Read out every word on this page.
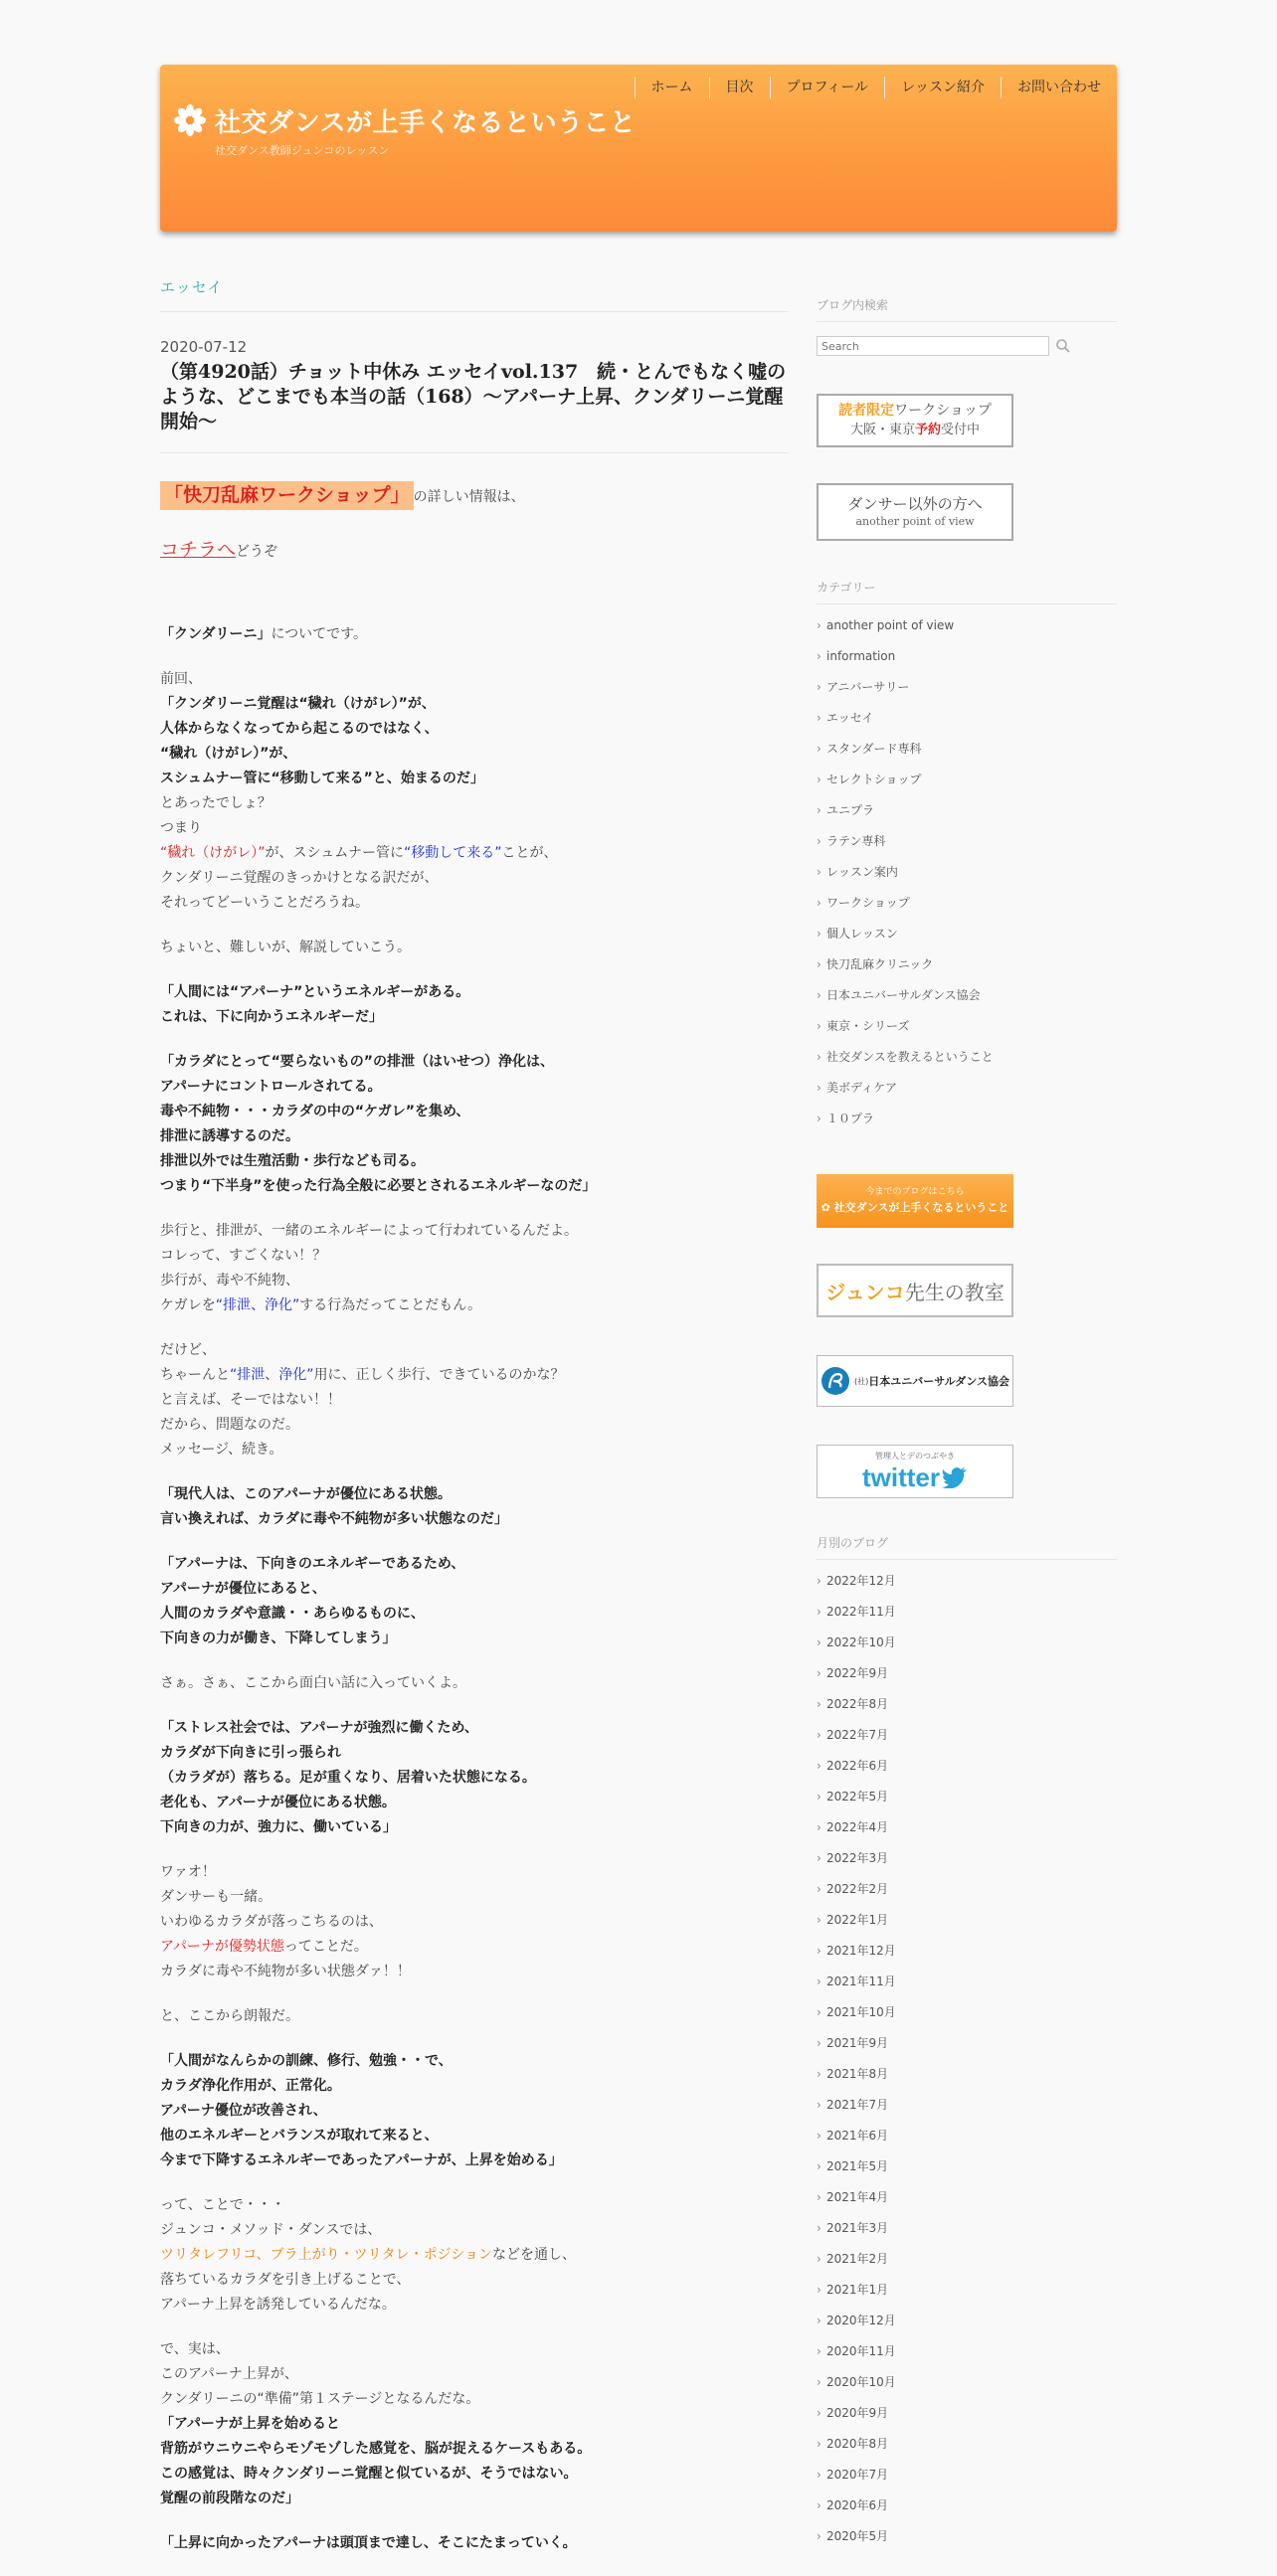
社交ダンスが上手くなるということ
社交ダンス教師ジュンコのレッスン
ホーム	目次	プロフィール	レッスン紹介	お問い合わせ
エッセイ
2020-07-12
（第4920話）チョット中休み エッセイvol.137　続・とんでもなく嘘のような、どこまでも本当の話（168）～アパーナ上昇、クンダリーニ覚醒開始～

「快刀乱麻ワークショップ」 の詳しい情報は、

コチラへどうぞ

「クンダリーニ」についてです。

前回、
「クンダリーニ覚醒は“穢れ（けがレ）”が、
人体からなくなってから起こるのではなく、
“穢れ（けがレ）”が、
スシュムナー管に“移動して来る”と、始まるのだ」
とあったでしょ？
つまり
“穢れ（けがレ）”が、スシュムナー管に“移動して来る”ことが、
クンダリーニ覚醒のきっかけとなる訳だが、
それってどーいうことだろうね。

ちょいと、難しいが、解説していこう。

「人間には“アパーナ”というエネルギーがある。
これは、下に向かうエネルギーだ」

「カラダにとって“要らないもの”の排泄（はいせつ）浄化は、
アパーナにコントロールされてる。
毒や不純物・・・カラダの中の“ケガレ”を集め、
排泄に誘導するのだ。
排泄以外では生殖活動・歩行なども司る。
つまり“下半身”を使った行為全般に必要とされるエネルギーなのだ」

歩行と、排泄が、一緒のエネルギーによって行われているんだよ。
コレって、すごくない！？
歩行が、毒や不純物、
ケガレを“排泄、浄化”する行為だってことだもん。

だけど、
ちゃーんと“排泄、浄化”用に、正しく歩行、できているのかな？
と言えば、そーではない！！
だから、問題なのだ。
メッセージ、続き。

「現代人は、このアパーナが優位にある状態。
言い換えれば、カラダに毒や不純物が多い状態なのだ」

「アパーナは、下向きのエネルギーであるため、
アパーナが優位にあると、
人間のカラダや意識・・あらゆるものに、
下向きの力が働き、下降してしまう」

さぁ。さぁ、ここから面白い話に入っていくよ。

「ストレス社会では、アパーナが強烈に働くため、
カラダが下向きに引っ張られ
（カラダが）落ちる。足が重くなり、居着いた状態になる。
老化も、アパーナが優位にある状態。
下向きの力が、強力に、働いている」

ワァオ！
ダンサーも一緒。
いわゆるカラダが落っこちるのは、
アパーナが優勢状態ってことだ。
カラダに毒や不純物が多い状態ダァ！！

と、ここから朗報だ。

「人間がなんらかの訓練、修行、勉強・・で、
カラダ浄化作用が、正常化。
アパーナ優位が改善され、
他のエネルギーとバランスが取れて来ると、
今まで下降するエネルギーであったアパーナが、上昇を始める」

って、ことで・・・
ジュンコ・メソッド・ダンスでは、
ツリタレフリコ、ブラ上がり・ツリタレ・ポジションなどを通し、
落ちているカラダを引き上げることで、
アパーナ上昇を誘発しているんだな。

で、実は、
このアパーナ上昇が、
クンダリーニの“準備”第１ステージとなるんだな。
「アパーナが上昇を始めると
背筋がウニウニやらモゾモゾした感覚を、脳が捉えるケースもある。
この感覚は、時々クンダリーニ覚醒と似ているが、そうではない。
覚醒の前段階なのだ」

「上昇に向かったアパーナは頭頂まで達し、そこにたまっていく。

ブログ内検索
Search
読者限定ワークショップ
大阪・東京予約受付中
ダンサー以外の方へ
another point of view
カテゴリー
› another point of view
› information
› アニバーサリー
› エッセイ
› スタンダード専科
› セレクトショップ
› ユニプラ
› ラテン専科
› レッスン案内
› ワークショップ
› 個人レッスン
› 快刀乱麻クリニック
› 日本ユニバーサルダンス協会
› 東京・シリーズ
› 社交ダンスを教えるということ
› 美ボディケア
› １０プラ
今までのブログはこちら
✿ 社交ダンスが上手くなるということ
ジュンコ 先生の教室
(社) 日本ユニバーサルダンス協会
管理人とデのつぶやき
twitter
月別のブログ
› 2022年12月
› 2022年11月
› 2022年10月
› 2022年9月
› 2022年8月
› 2022年7月
› 2022年6月
› 2022年5月
› 2022年4月
› 2022年3月
› 2022年2月
› 2022年1月
› 2021年12月
› 2021年11月
› 2021年10月
› 2021年9月
› 2021年8月
› 2021年7月
› 2021年6月
› 2021年5月
› 2021年4月
› 2021年3月
› 2021年2月
› 2021年1月
› 2020年12月
› 2020年11月
› 2020年10月
› 2020年9月
› 2020年8月
› 2020年7月
› 2020年6月
› 2020年5月
